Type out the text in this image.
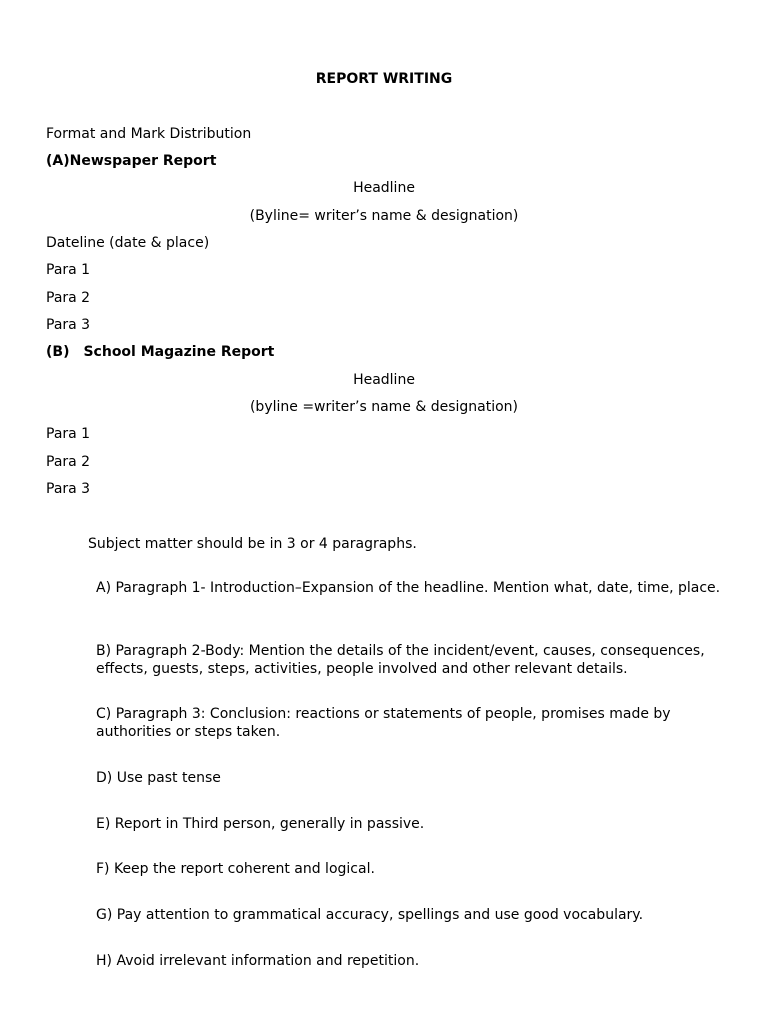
REPORT WRITING
Format and Mark Distribution
(A)Newspaper Report
Headline
(Byline= writer’s name & designation)
Dateline (date & place)
Para 1
Para 2
Para 3
(B) School Magazine Report
Headline
(byline =writer’s name & designation)
Para 1
Para 2
Para 3
Subject matter should be in 3 or 4 paragraphs.
A) Paragraph 1- Introduction–Expansion of the headline. Mention what, date, time, place.
B) Paragraph 2-Body: Mention the details of the incident/event, causes, consequences, effects, guests, steps, activities, people involved and other relevant details.
C) Paragraph 3: Conclusion: reactions or statements of people, promises made by authorities or steps taken.
D) Use past tense
E) Report in Third person, generally in passive.
F) Keep the report coherent and logical.
G) Pay attention to grammatical accuracy, spellings and use good vocabulary.
H) Avoid irrelevant information and repetition.
